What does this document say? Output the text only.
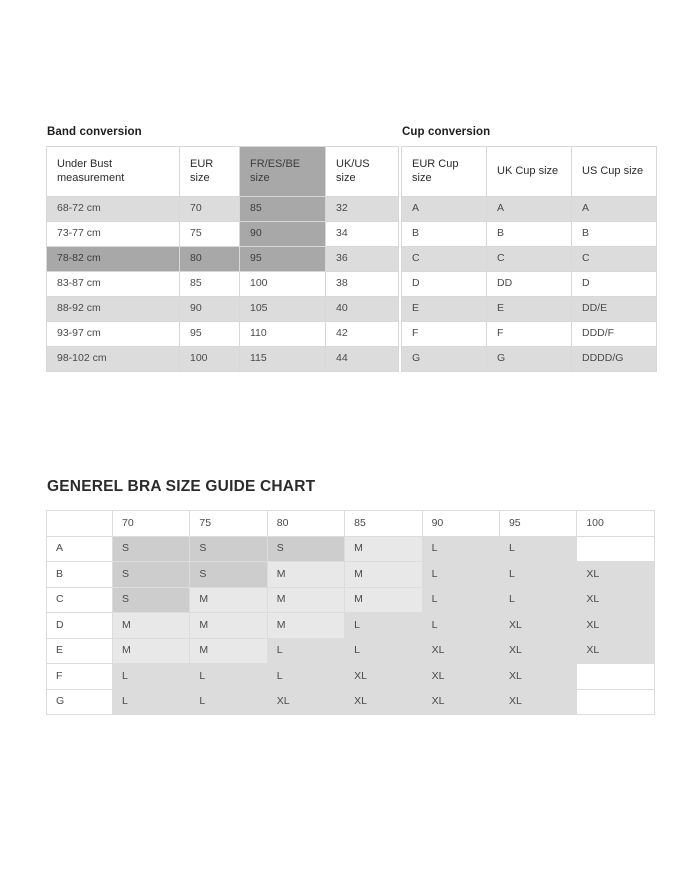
Band conversion
Under Bust measurement	EUR size	FR/ES/BE size	UK/US size
68-72 cm	70	85	32
73-77 cm	75	90	34
78-82 cm	80	95	36
83-87 cm	85	100	38
88-92 cm	90	105	40
93-97 cm	95	110	42
98-102 cm	100	115	44
Cup conversion
EUR Cup size	UK Cup size	US Cup size
A	A	A
B	B	B
C	C	C
D	DD	D
E	E	DD/E
F	F	DDD/F
G	G	DDDD/G
GENEREL BRA SIZE GUIDE CHART
	70	75	80	85	90	95	100
A	S	S	S	M	L	L	
B	S	S	M	M	L	L	XL
C	S	M	M	M	L	L	XL
D	M	M	M	L	L	XL	XL
E	M	M	L	L	XL	XL	XL
F	L	L	L	XL	XL	XL	
G	L	L	XL	XL	XL	XL	
